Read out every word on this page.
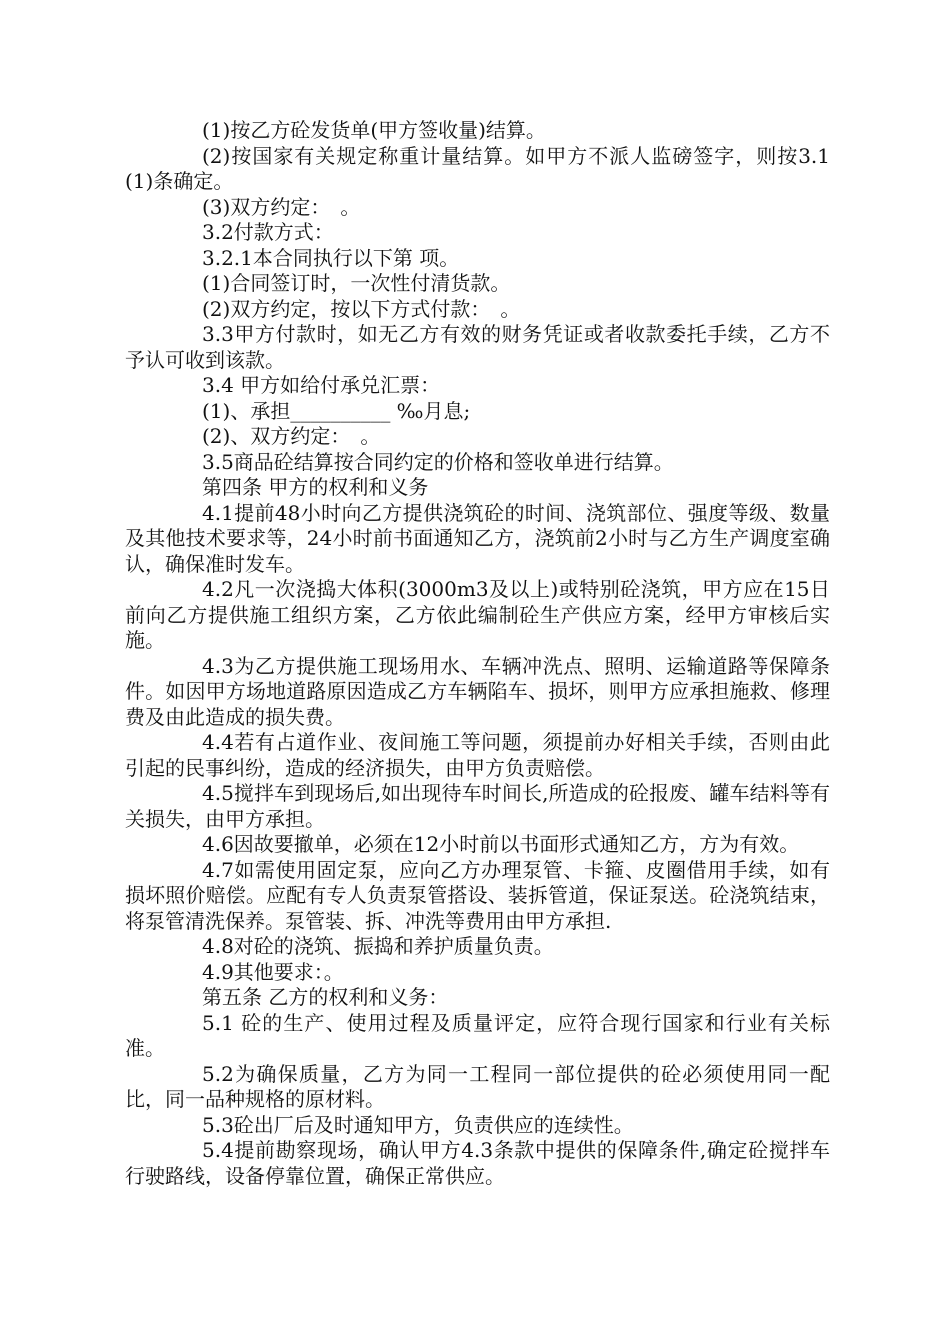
(1)按乙方砼发货单(甲方签收量)结算。

(2)按国家有关规定称重计量结算。如甲方不派人监磅签字，则按3.1(1)条确定。

(3)双方约定：　。

3.2付款方式：

3.2.1本合同执行以下第 项。

(1)合同签订时，一次性付清货款。

(2)双方约定，按以下方式付款：　。

3.3甲方付款时，如无乙方有效的财务凭证或者收款委托手续，乙方不予认可收到该款。

3.4 甲方如给付承兑汇票：

(1)、承担__________ ‰月息;

(2)、双方约定：　。

3.5商品砼结算按合同约定的价格和签收单进行结算。

第四条 甲方的权利和义务

4.1提前48小时向乙方提供浇筑砼的时间、浇筑部位、强度等级、数量及其他技术要求等，24小时前书面通知乙方，浇筑前2小时与乙方生产调度室确认，确保准时发车。

4.2凡一次浇捣大体积(3000m3及以上)或特别砼浇筑，甲方应在15日前向乙方提供施工组织方案，乙方依此编制砼生产供应方案，经甲方审核后实施。

4.3为乙方提供施工现场用水、车辆冲洗点、照明、运输道路等保障条件。如因甲方场地道路原因造成乙方车辆陷车、损坏，则甲方应承担施救、修理费及由此造成的损失费。

4.4若有占道作业、夜间施工等问题，须提前办好相关手续，否则由此引起的民事纠纷，造成的经济损失，由甲方负责赔偿。

4.5搅拌车到现场后,如出现待车时间长,所造成的砼报废、罐车结料等有关损失，由甲方承担。

4.6因故要撤单，必须在12小时前以书面形式通知乙方，方为有效。

4.7如需使用固定泵，应向乙方办理泵管、卡箍、皮圈借用手续，如有损坏照价赔偿。应配有专人负责泵管搭设、装拆管道，保证泵送。砼浇筑结束，将泵管清洗保养。泵管装、拆、冲洗等费用由甲方承担.

4.8对砼的浇筑、振捣和养护质量负责。

4.9其他要求：。

第五条 乙方的权利和义务：

5.1 砼的生产、使用过程及质量评定，应符合现行国家和行业有关标准。

5.2为确保质量，乙方为同一工程同一部位提供的砼必须使用同一配比，同一品种规格的原材料。

5.3砼出厂后及时通知甲方，负责供应的连续性。

5.4提前勘察现场，确认甲方4.3条款中提供的保障条件,确定砼搅拌车行驶路线，设备停靠位置，确保正常供应。
